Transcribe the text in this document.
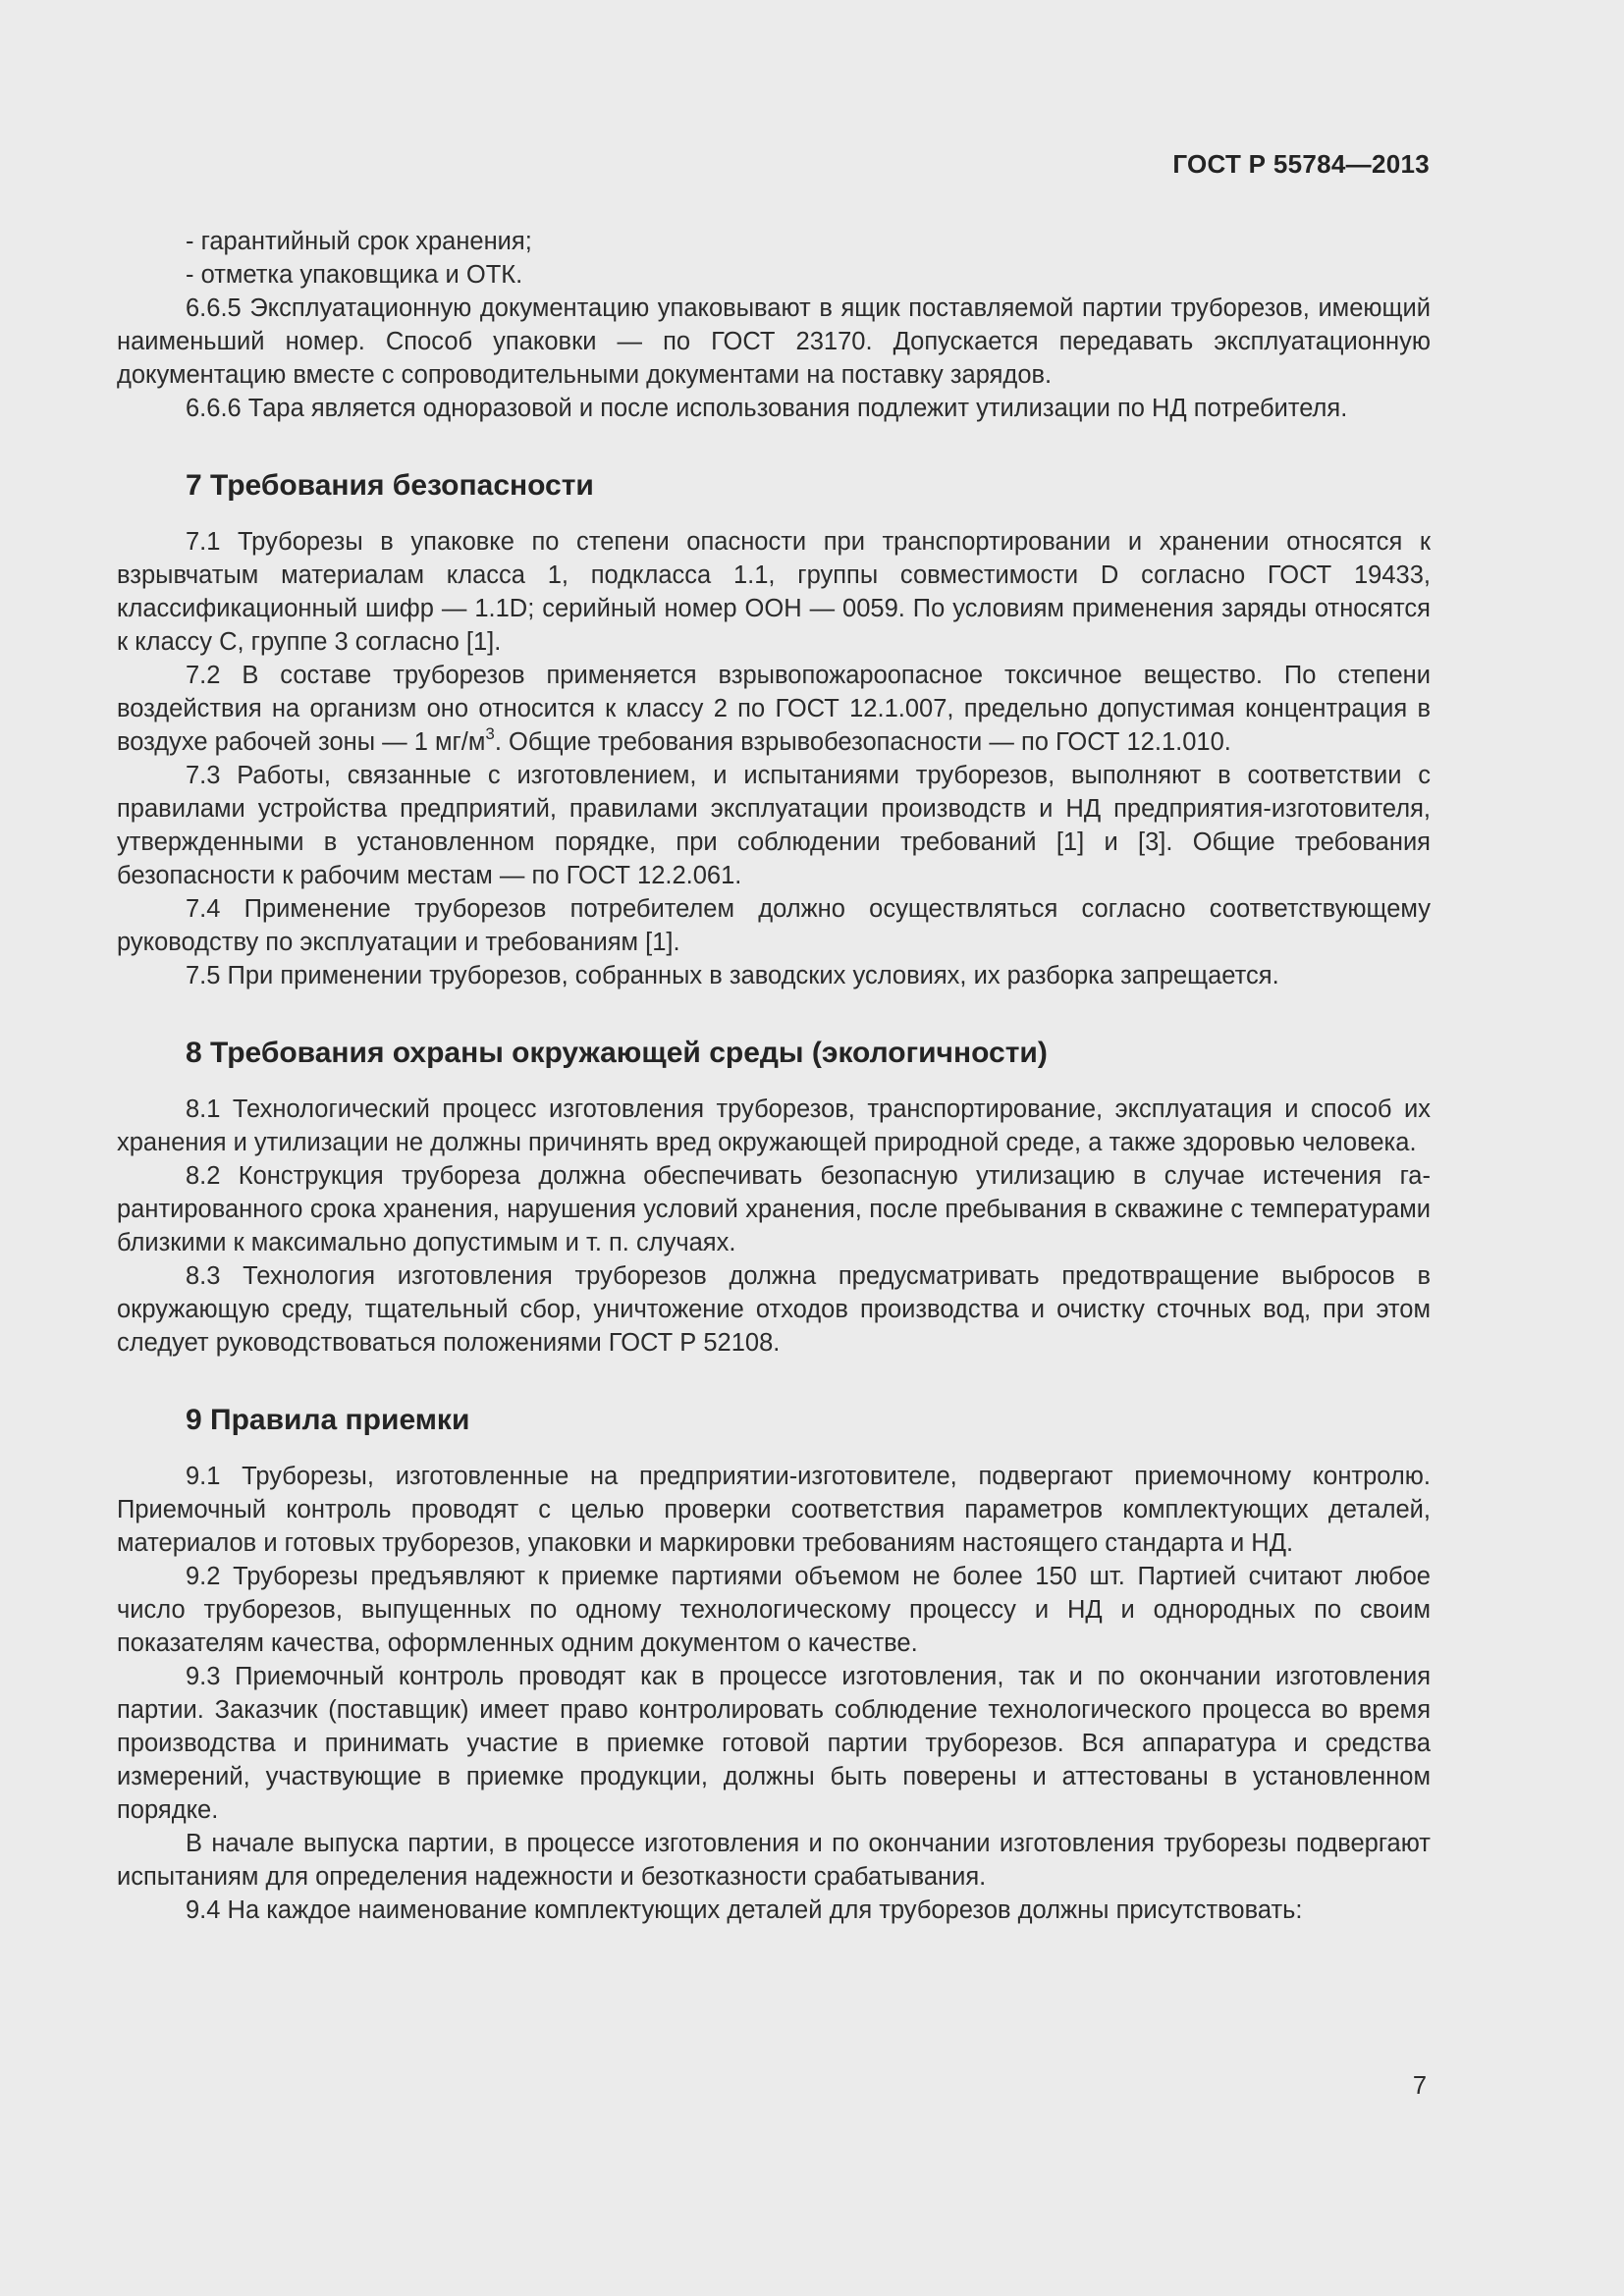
ГОСТ Р 55784—2013

- гарантийный срок хранения;

- отметка упаковщика и ОТК.

6.6.5 Эксплуатационную документацию упаковывают в ящик поставляемой партии труборезов, имеющий наименьший номер. Способ упаковки — по ГОСТ 23170. Допускается передавать эксплуатационную документацию вместе с сопроводительными документами на поставку зарядов.

6.6.6 Тара является одноразовой и после использования подлежит утилизации по НД потребителя.

7 Требования безопасности

7.1 Труборезы в упаковке по степени опасности при транспортировании и хранении относятся к взрывчатым материалам класса 1, подкласса 1.1, группы совместимости D согласно ГОСТ 19433, классификационный шифр — 1.1D; серийный номер ООН — 0059. По условиям применения заряды относятся к классу С, группе 3 согласно [1].

7.2 В составе труборезов применяется взрывопожароопасное токсичное вещество. По степени воздействия на организм оно относится к классу 2 по ГОСТ 12.1.007, предельно допустимая концентрация в воздухе рабочей зоны — 1 $мг/м^3$. Общие требования взрывобезопасности — по ГОСТ 12.1.010.

7.3 Работы, связанные с изготовлением, и испытаниями труборезов, выполняют в соответствии с правилами устройства предприятий, правилами эксплуатации производств и НД предприятия-изготовителя, утвержденными в установленном порядке, при соблюдении требований [1] и [3]. Общие требования безопасности к рабочим местам — по ГОСТ 12.2.061.

7.4 Применение труборезов потребителем должно осуществляться согласно соответствующему руководству по эксплуатации и требованиям [1].

7.5 При применении труборезов, собранных в заводских условиях, их разборка запрещается.

8 Требования охраны окружающей среды (экологичности)

8.1 Технологический процесс изготовления труборезов, транспортирование, эксплуатация и способ их хранения и утилизации не должны причинять вред окружающей природной среде, а также здоровью человека.

8.2 Конструкция трубореза должна обеспечивать безопасную утилизацию в случае истечения гарантированного срока хранения, нарушения условий хранения, после пребывания в скважине с температурами близкими к максимально допустимым и т. п. случаях.

8.3 Технология изготовления труборезов должна предусматривать предотвращение выбросов в окружающую среду, тщательный сбор, уничтожение отходов производства и очистку сточных вод, при этом следует руководствоваться положениями ГОСТ Р 52108.

9 Правила приемки

9.1 Труборезы, изготовленные на предприятии-изготовителе, подвергают приемочному контролю. Приемочный контроль проводят с целью проверки соответствия параметров комплектующих деталей, материалов и готовых труборезов, упаковки и маркировки требованиям настоящего стандарта и НД.

9.2 Труборезы предъявляют к приемке партиями объемом не более 150 шт. Партией считают любое число труборезов, выпущенных по одному технологическому процессу и НД и однородных по своим показателям качества, оформленных одним документом о качестве.

9.3 Приемочный контроль проводят как в процессе изготовления, так и по окончании изготовления партии. Заказчик (поставщик) имеет право контролировать соблюдение технологического процесса во время производства и принимать участие в приемке готовой партии труборезов. Вся аппаратура и средства измерений, участвующие в приемке продукции, должны быть поверены и аттестованы в установленном порядке.

В начале выпуска партии, в процессе изготовления и по окончании изготовления труборезы подвергают испытаниям для определения надежности и безотказности срабатывания.

9.4 На каждое наименование комплектующих деталей для труборезов должны присутствовать:

7
